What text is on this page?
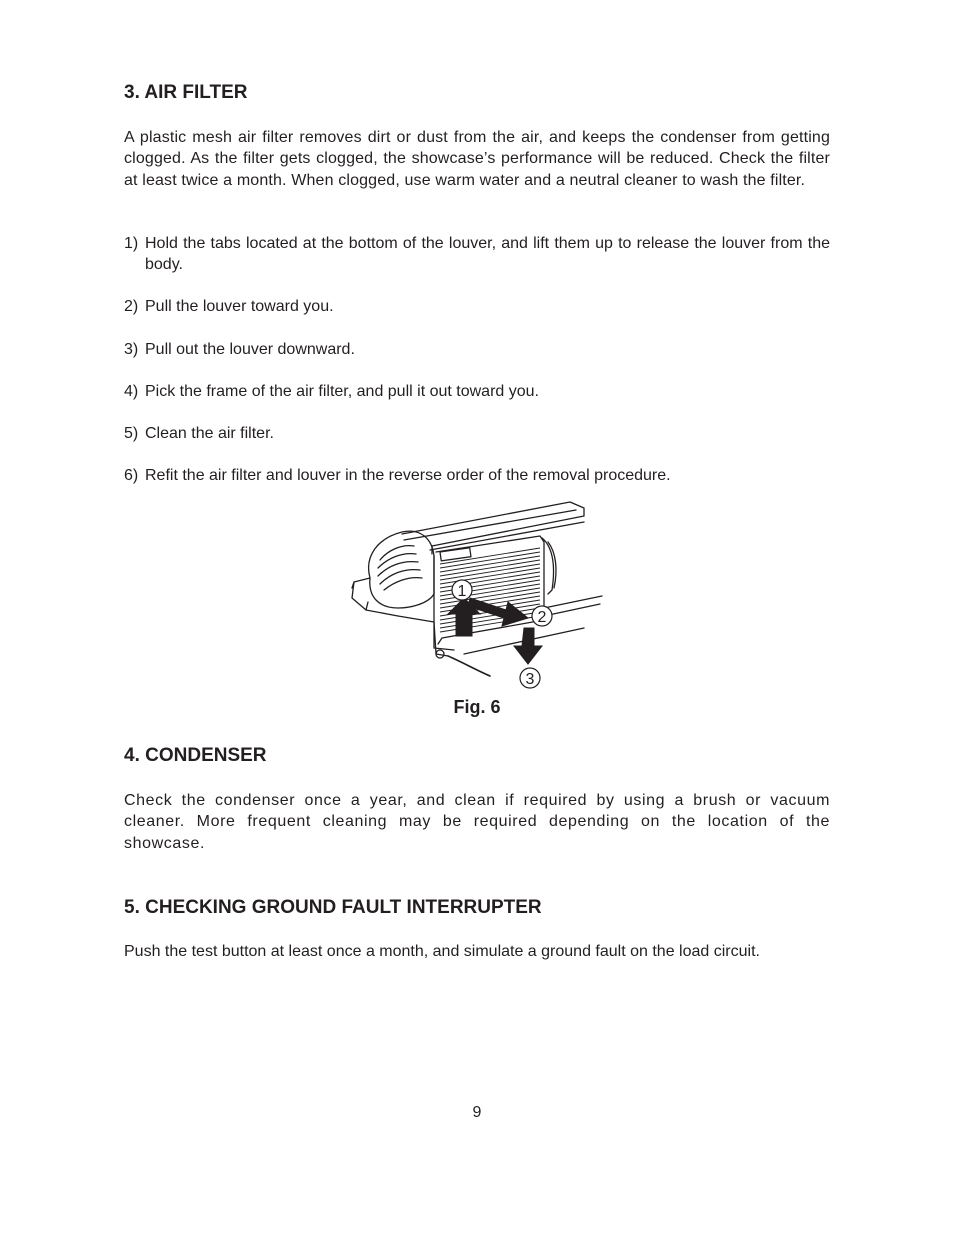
3. AIR FILTER

A plastic mesh air filter removes dirt or dust from the air, and keeps the condenser from getting clogged. As the filter gets clogged, the showcase’s performance will be reduced. Check the filter at least twice a month. When clogged, use warm water and a neutral cleaner to wash the filter.

1) Hold the tabs located at the bottom of the louver, and lift them up to release the louver from the body.
2) Pull the louver toward you.
3) Pull out the louver downward.
4) Pick the frame of the air filter, and pull it out toward you.
5) Clean the air filter.
6) Refit the air filter and louver in the reverse order of the removal procedure.
1
2
3
Fig. 6
4. CONDENSER

Check the condenser once a year, and clean if required by using a brush or vacuum cleaner. More frequent cleaning may be required depending on the location of the showcase.

5. CHECKING GROUND FAULT INTERRUPTER

Push the test button at least once a month, and simulate a ground fault on the load circuit.

9
